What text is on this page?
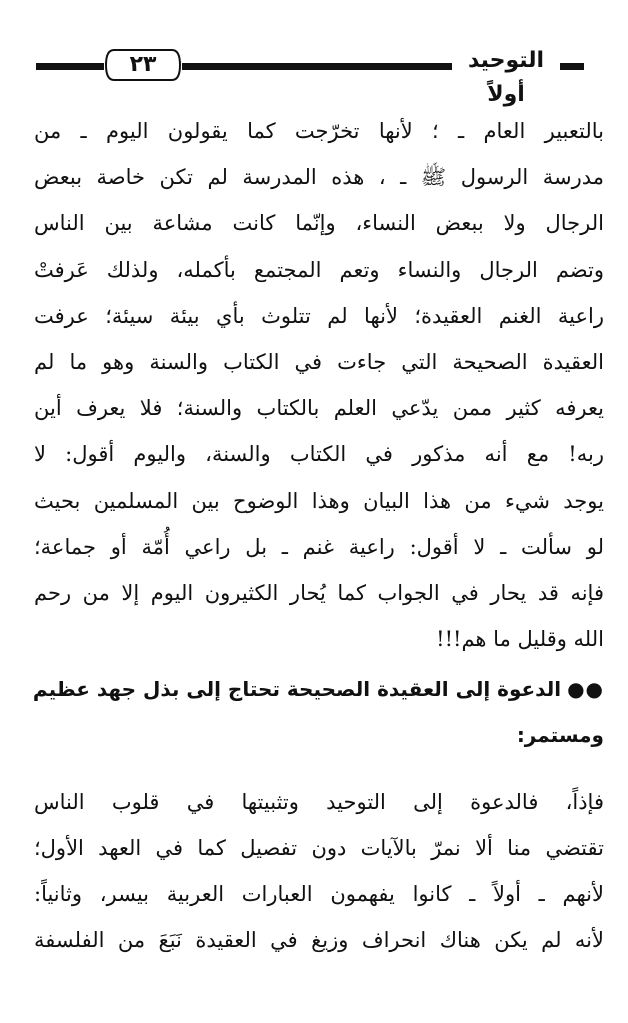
٢٣	التوحيد أولاً
بالتعبير العام ـ ؛ لأنها تخرّجت كما يقولون اليوم ـ من
مدرسة الرسول ﷺ ـ ، هذه المدرسة لم تكن خاصة ببعض
الرجال ولا ببعض النساء، وإنّما كانت مشاعة بين الناس
وتضم الرجال والنساء وتعم المجتمع بأكمله، ولذلك عَرفتْ
راعية الغنم العقيدة؛ لأنها لم تتلوث بأي بيئة سيئة؛ عرفت
العقيدة الصحيحة التي جاءت في الكتاب والسنة وهو ما لم
يعرفه كثير ممن يدّعي العلم بالكتاب والسنة؛ فلا يعرف أين
ربه! مع أنه مذكور في الكتاب والسنة، واليوم أقول: لا
يوجد شيء من هذا البيان وهذا الوضوح بين المسلمين بحيث
لو سألت ـ لا أقول: راعية غنم ـ بل راعي أُمّة أو جماعة؛
فإنه قد يحار في الجواب كما يُحار الكثيرون اليوم إلا من رحم
الله وقليل ما هم!!!
●●الدعوة إلى العقيدة الصحيحة تحتاج إلى بذل جهد عظيم
ومستمر:
فإذاً، فالدعوة إلى التوحيد وتثبيتها في قلوب الناس
تقتضي منا ألا نمرّ بالآيات دون تفصيل كما في العهد الأول؛
لأنهم ـ أولاً ـ كانوا يفهمون العبارات العربية بيسر، وثانياً:
لأنه لم يكن هناك انحراف وزيغ في العقيدة نَبَعَ من الفلسفة
